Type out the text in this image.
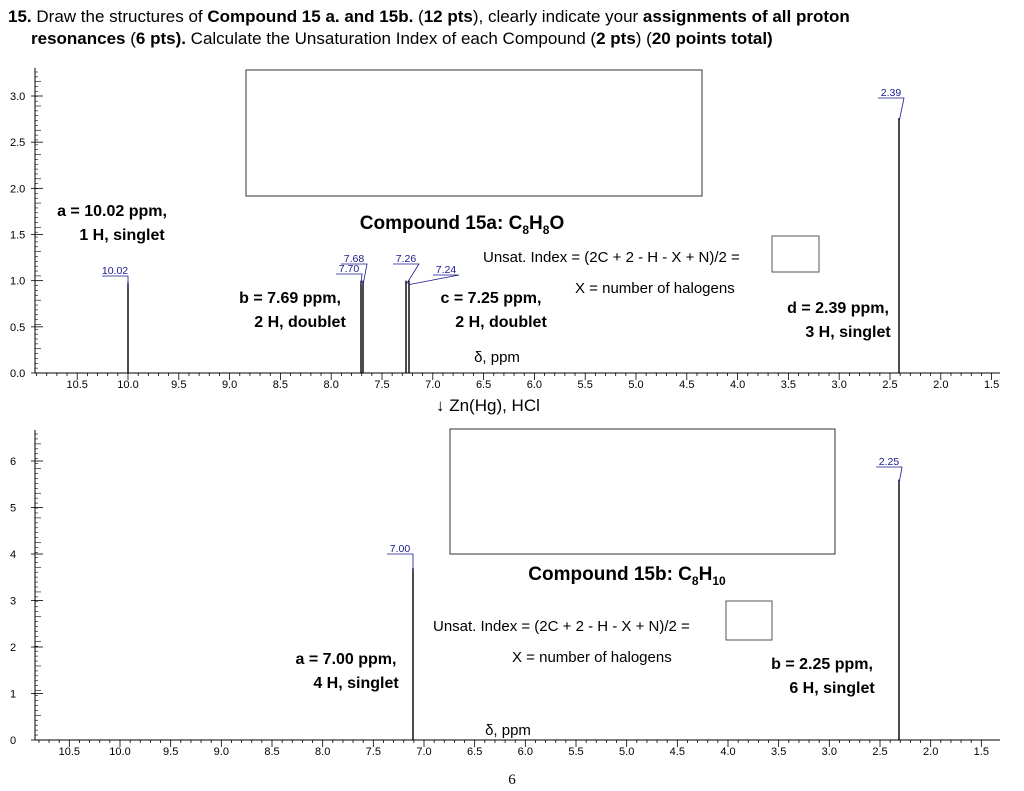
15. Draw the structures of Compound 15 a. and 15b. (12 pts), clearly indicate your assignments of all proton
resonances (6 pts). Calculate the Unsaturation Index of each Compound (2 pts) (20 points total)
10.5	10.0	9.5	9.0	8.5	8.0	7.5	7.0	6.5	6.0	5.5	5.0	4.5	4.0	3.5	3.0	2.5	2.0	1.5
0.0
0.5
1.0
1.5
2.0
2.5
3.0
10.02	7.70
7.68	7.26
7.24
2.39
Compound 15a: $C_8H_8O$
Unsat. Index = (2C + 2 - H - X + N)/2 =
X = number of halogens
δ, ppm
a = 10.02 ppm,
1 H, singlet
b = 7.69 ppm,
2 H, doublet
c = 7.25 ppm,
2 H, doublet
d = 2.39 ppm,
3 H, singlet
10.5	10.0	9.5	9.0	8.5	8.0	7.5	7.0	6.5	6.0	5.5	5.0	4.5	4.0	3.5	3.0	2.5	2.0	1.5
0
1
2
3
4
5
6
7.00
2.25
Compound 15b: $C_8H_{10}$
Unsat. Index = (2C + 2 - H - X + N)/2 =
X = number of halogens
δ, ppm
a = 7.00 ppm,
4 H, singlet
b = 2.25 ppm,
6 H, singlet
↓ Zn(Hg), HCl
6
